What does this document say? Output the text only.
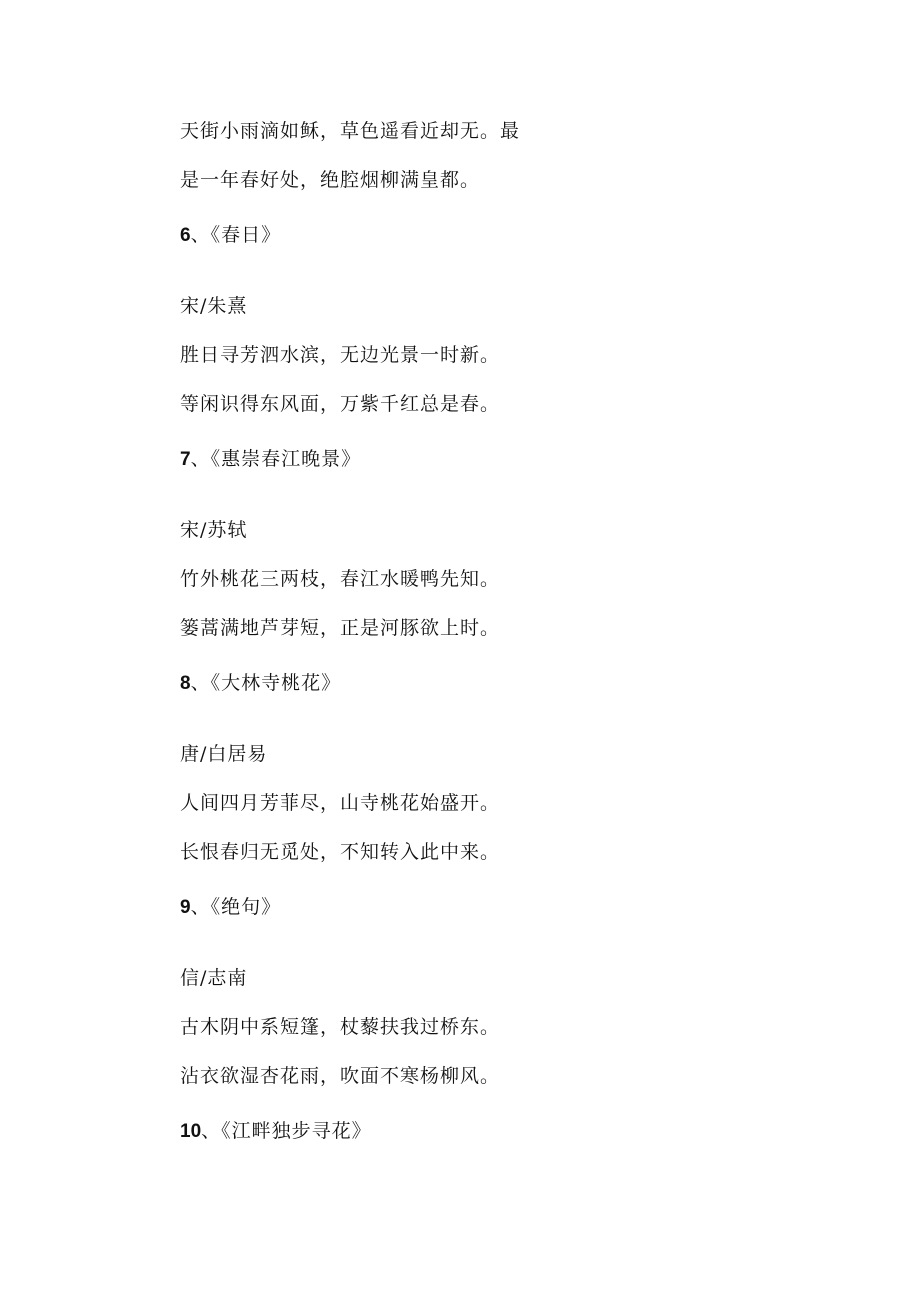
天街小雨滴如稣，草色遥看近却无。最

是一年春好处，绝腔烟柳满皇都。

6、《春日》

宋/朱熹

胜日寻芳泗水滨，无边光景一时新。

等闲识得东风面，万紫千红总是春。

7、《惠崇春江晚景》

宋/苏轼

竹外桃花三两枝，春江水暖鸭先知。

篓蒿满地芦芽短，正是河豚欲上时。

8、《大林寺桃花》

唐/白居易

人间四月芳菲尽，山寺桃花始盛开。

长恨春归无觅处，不知转入此中来。

9、《绝句》

信/志南

古木阴中系短篷，杖藜扶我过桥东。

沾衣欲湿杏花雨，吹面不寒杨柳风。

10、《江畔独步寻花》
